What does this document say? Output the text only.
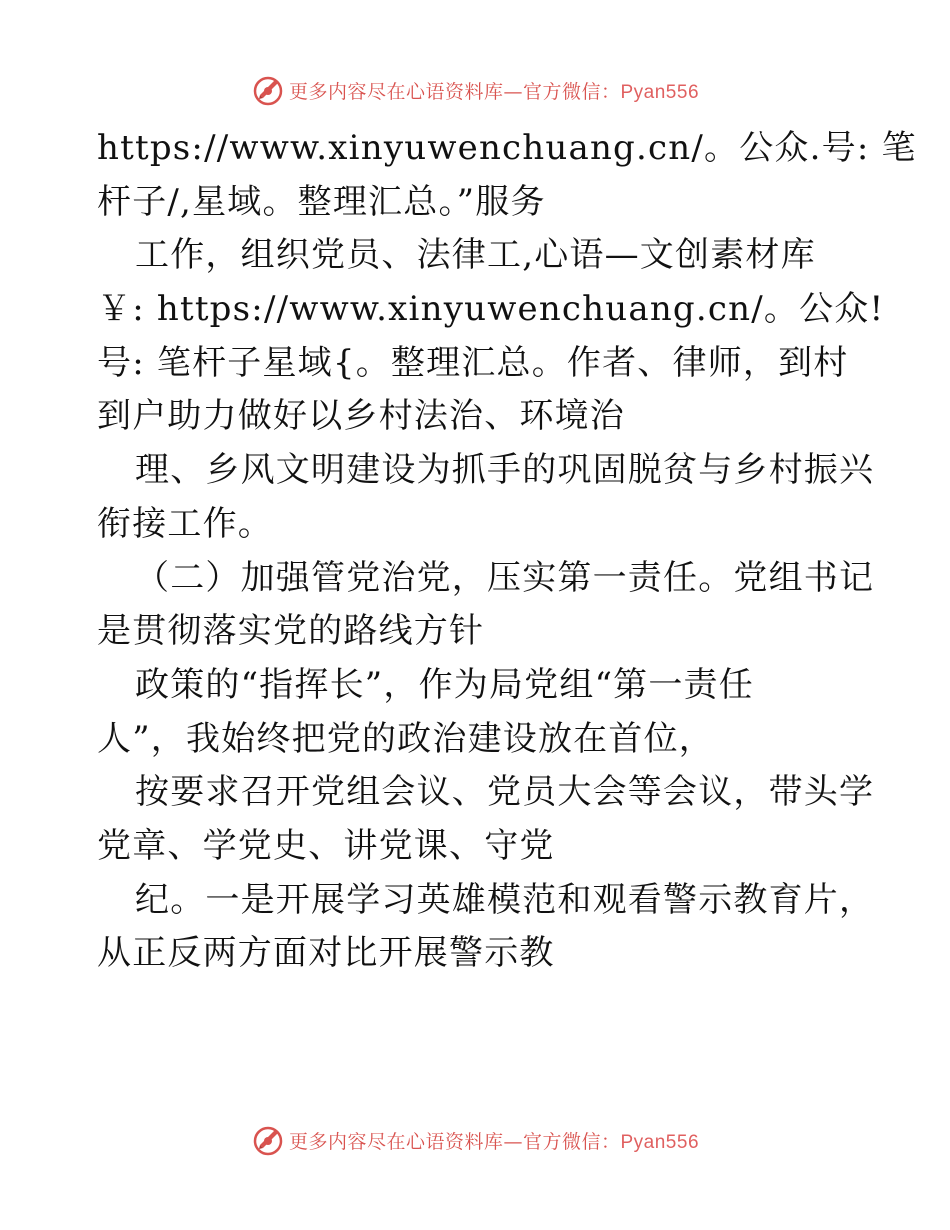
更多内容尽在心语资料库—官方微信：Pyan556
https://www.xinyuwenchuang.cn/。公众.号: 笔
杆子/,星域。整理汇总。”服务
工作，组织党员、法律工,心语—文创素材库
￥: https://www.xinyuwenchuang.cn/。公众!
号: 笔杆子星域{。整理汇总。作者、律师，到村
到户助力做好以乡村法治、环境治
理、乡风文明建设为抓手的巩固脱贫与乡村振兴
衔接工作。
（二）加强管党治党，压实第一责任。党组书记
是贯彻落实党的路线方针
政策的“指挥长”，作为局党组“第一责任
人”，我始终把党的政治建设放在首位，
按要求召开党组会议、党员大会等会议，带头学
党章、学党史、讲党课、守党
纪。一是开展学习英雄模范和观看警示教育片，
从正反两方面对比开展警示教
更多内容尽在心语资料库—官方微信：Pyan556
